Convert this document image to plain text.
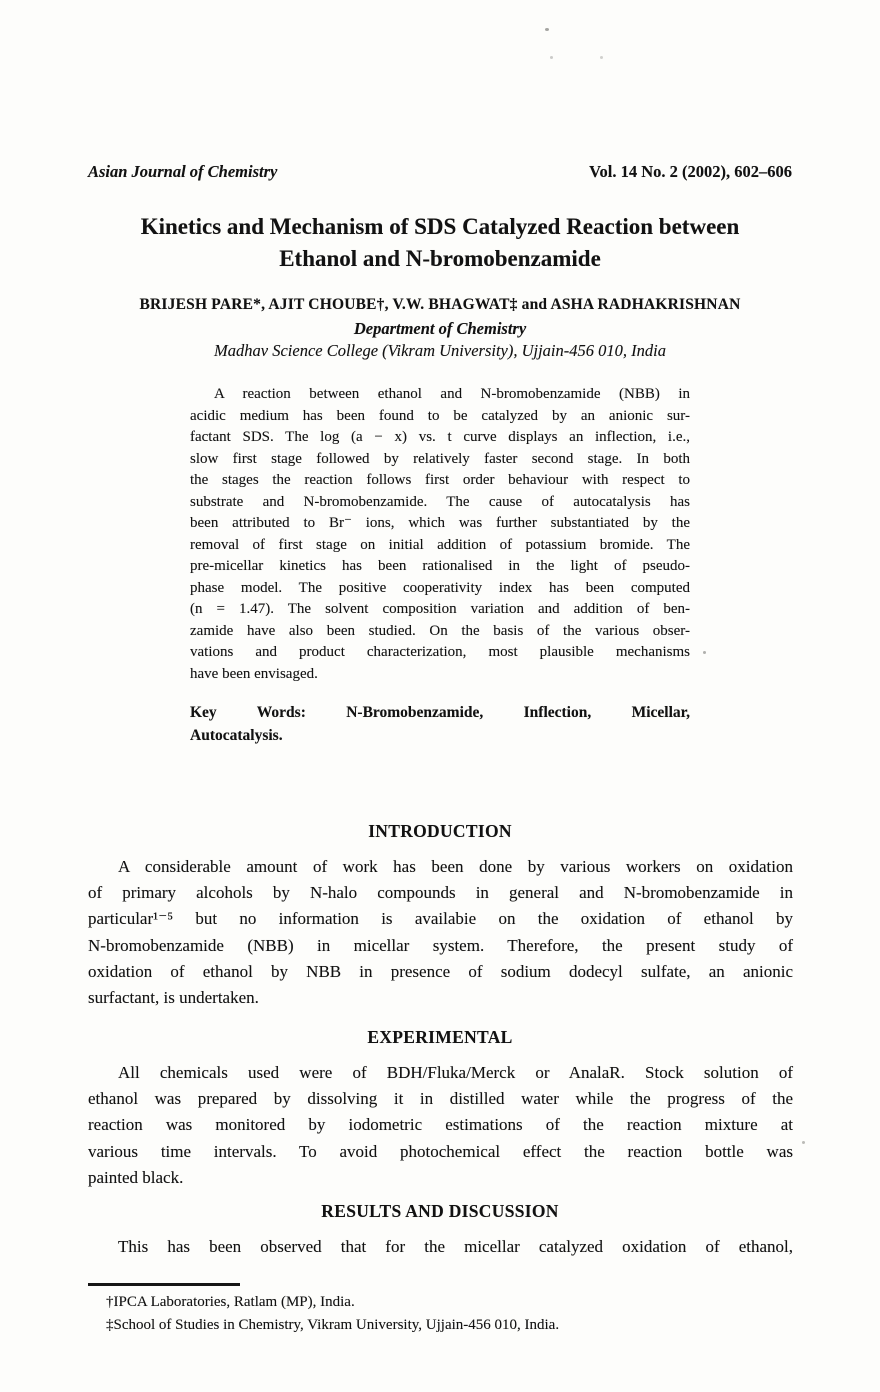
Asian Journal of Chemistry	Vol. 14 No. 2 (2002), 602–606
Kinetics and Mechanism of SDS Catalyzed Reaction between
Ethanol and N-bromobenzamide
BRIJESH PARE*, AJIT CHOUBE†, V.W. BHAGWAT‡ and ASHA RADHAKRISHNAN
Department of Chemistry
Madhav Science College (Vikram University), Ujjain-456 010, India
A reaction between ethanol and N-bromobenzamide (NBB) in
acidic medium has been found to be catalyzed by an anionic sur-
factant SDS. The log (a − x) vs. t curve displays an inflection, i.e.,
slow first stage followed by relatively faster second stage. In both
the stages the reaction follows first order behaviour with respect to
substrate and N-bromobenzamide. The cause of autocatalysis has
been attributed to Br⁻ ions, which was further substantiated by the
removal of first stage on initial addition of potassium bromide. The
pre-micellar kinetics has been rationalised in the light of pseudo-
phase model. The positive cooperativity index has been computed
(n = 1.47). The solvent composition variation and addition of ben-
zamide have also been studied. On the basis of the various obser-
vations and product characterization, most plausible mechanisms
have been envisaged.
Key Words: N-Bromobenzamide, Inflection, Micellar,
Autocatalysis.
INTRODUCTION
A considerable amount of work has been done by various workers on oxidation
of primary alcohols by N-halo compounds in general and N-bromobenzamide in
particular¹⁻⁵ but no information is availabie on the oxidation of ethanol by
N-bromobenzamide (NBB) in micellar system. Therefore, the present study of
oxidation of ethanol by NBB in presence of sodium dodecyl sulfate, an anionic
surfactant, is undertaken.
EXPERIMENTAL
All chemicals used were of BDH/Fluka/Merck or AnalaR. Stock solution of
ethanol was prepared by dissolving it in distilled water while the progress of the
reaction was monitored by iodometric estimations of the reaction mixture at
various time intervals. To avoid photochemical effect the reaction bottle was
painted black.
RESULTS AND DISCUSSION
This has been observed that for the micellar catalyzed oxidation of ethanol,
†IPCA Laboratories, Ratlam (MP), India.
‡School of Studies in Chemistry, Vikram University, Ujjain-456 010, India.
